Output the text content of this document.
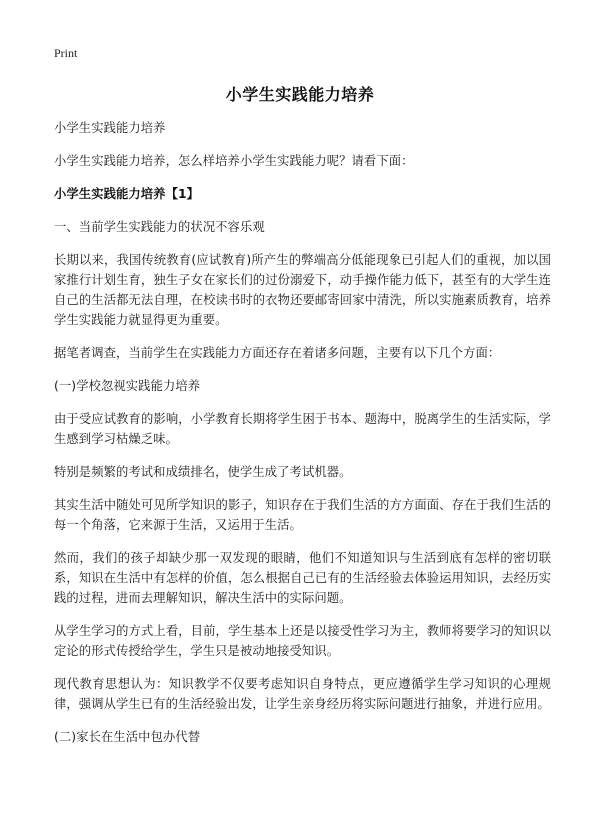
Print
小学生实践能力培养

小学生实践能力培养

小学生实践能力培养，怎么样培养小学生实践能力呢？请看下面：

小学生实践能力培养【1】

一、当前学生实践能力的状况不容乐观

长期以来，我国传统教育(应试教育)所产生的弊端高分低能现象已引起人们的重视，加以国家推行计划生育，独生子女在家长们的过份溺爱下，动手操作能力低下，甚至有的大学生连自己的生活都无法自理，在校读书时的衣物还要邮寄回家中清洗，所以实施素质教育，培养学生实践能力就显得更为重要。

据笔者调查，当前学生在实践能力方面还存在着诸多问题，主要有以下几个方面：

(一)学校忽视实践能力培养

由于受应试教育的影响，小学教育长期将学生困于书本、题海中，脱离学生的生活实际，学生感到学习枯燥乏味。

特别是频繁的考试和成绩排名，使学生成了考试机器。

其实生活中随处可见所学知识的影子，知识存在于我们生活的方方面面、存在于我们生活的每一个角落，它来源于生活，又运用于生活。

然而，我们的孩子却缺少那一双发现的眼睛，他们不知道知识与生活到底有怎样的密切联系，知识在生活中有怎样的价值，怎么根据自己已有的生活经验去体验运用知识，去经历实践的过程，进而去理解知识，解决生活中的实际问题。

从学生学习的方式上看，目前，学生基本上还是以接受性学习为主，教师将要学习的知识以定论的形式传授给学生，学生只是被动地接受知识。

现代教育思想认为：知识教学不仅要考虑知识自身特点，更应遵循学生学习知识的心理规律，强调从学生已有的生活经验出发，让学生亲身经历将实际问题进行抽象，并进行应用。

(二)家长在生活中包办代替
